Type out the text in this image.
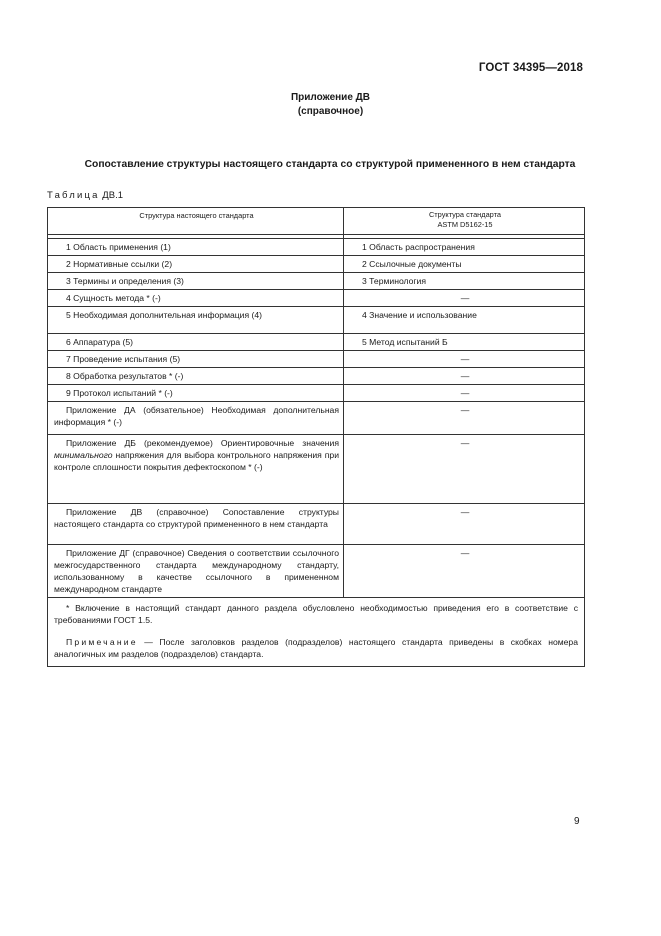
ГОСТ 34395—2018
Приложение ДВ
(справочное)
Сопоставление структуры настоящего стандарта со структурой примененного в нем стандарта
Таблица ДВ.1
Структура настоящего стандарта	Структура стандарта
ASTM D5162-15

1 Область применения (1)	1 Область распространения
2 Нормативные ссылки (2)	2 Ссылочные документы
3 Термины и определения (3)	3 Терминология
4 Сущность метода * (-)	—
5 Необходимая дополнительная информация (4)	4 Значение и использование
6 Аппаратура (5)	5 Метод испытаний Б
7 Проведение испытания (5)	—
8 Обработка результатов * (-)	—
9 Протокол испытаний * (-)	—
Приложение ДА (обязательное) Необходимая дополнительная информация * (-)	—
Приложение ДБ (рекомендуемое) Ориентировочные значения минимального напряжения для выбора контрольного напряжения при контроле сплошности покрытия дефектоскопом * (-)	—
Приложение ДВ (справочное) Сопоставление структуры настоящего стандарта со структурой примененного в нем стандарта	—
Приложение ДГ (справочное) Сведения о соответствии ссылочного межгосударственного стандарта международному стандарту, использованному в качестве ссылочного в примененном международном стандарте	—

* Включение в настоящий стандарт данного раздела обусловлено необходимостью приведения его в соответствие с требованиями ГОСТ 1.5.

Примечание — После заголовков разделов (подразделов) настоящего стандарта приведены в скобках номера аналогичных им разделов (подразделов) стандарта.	

9
